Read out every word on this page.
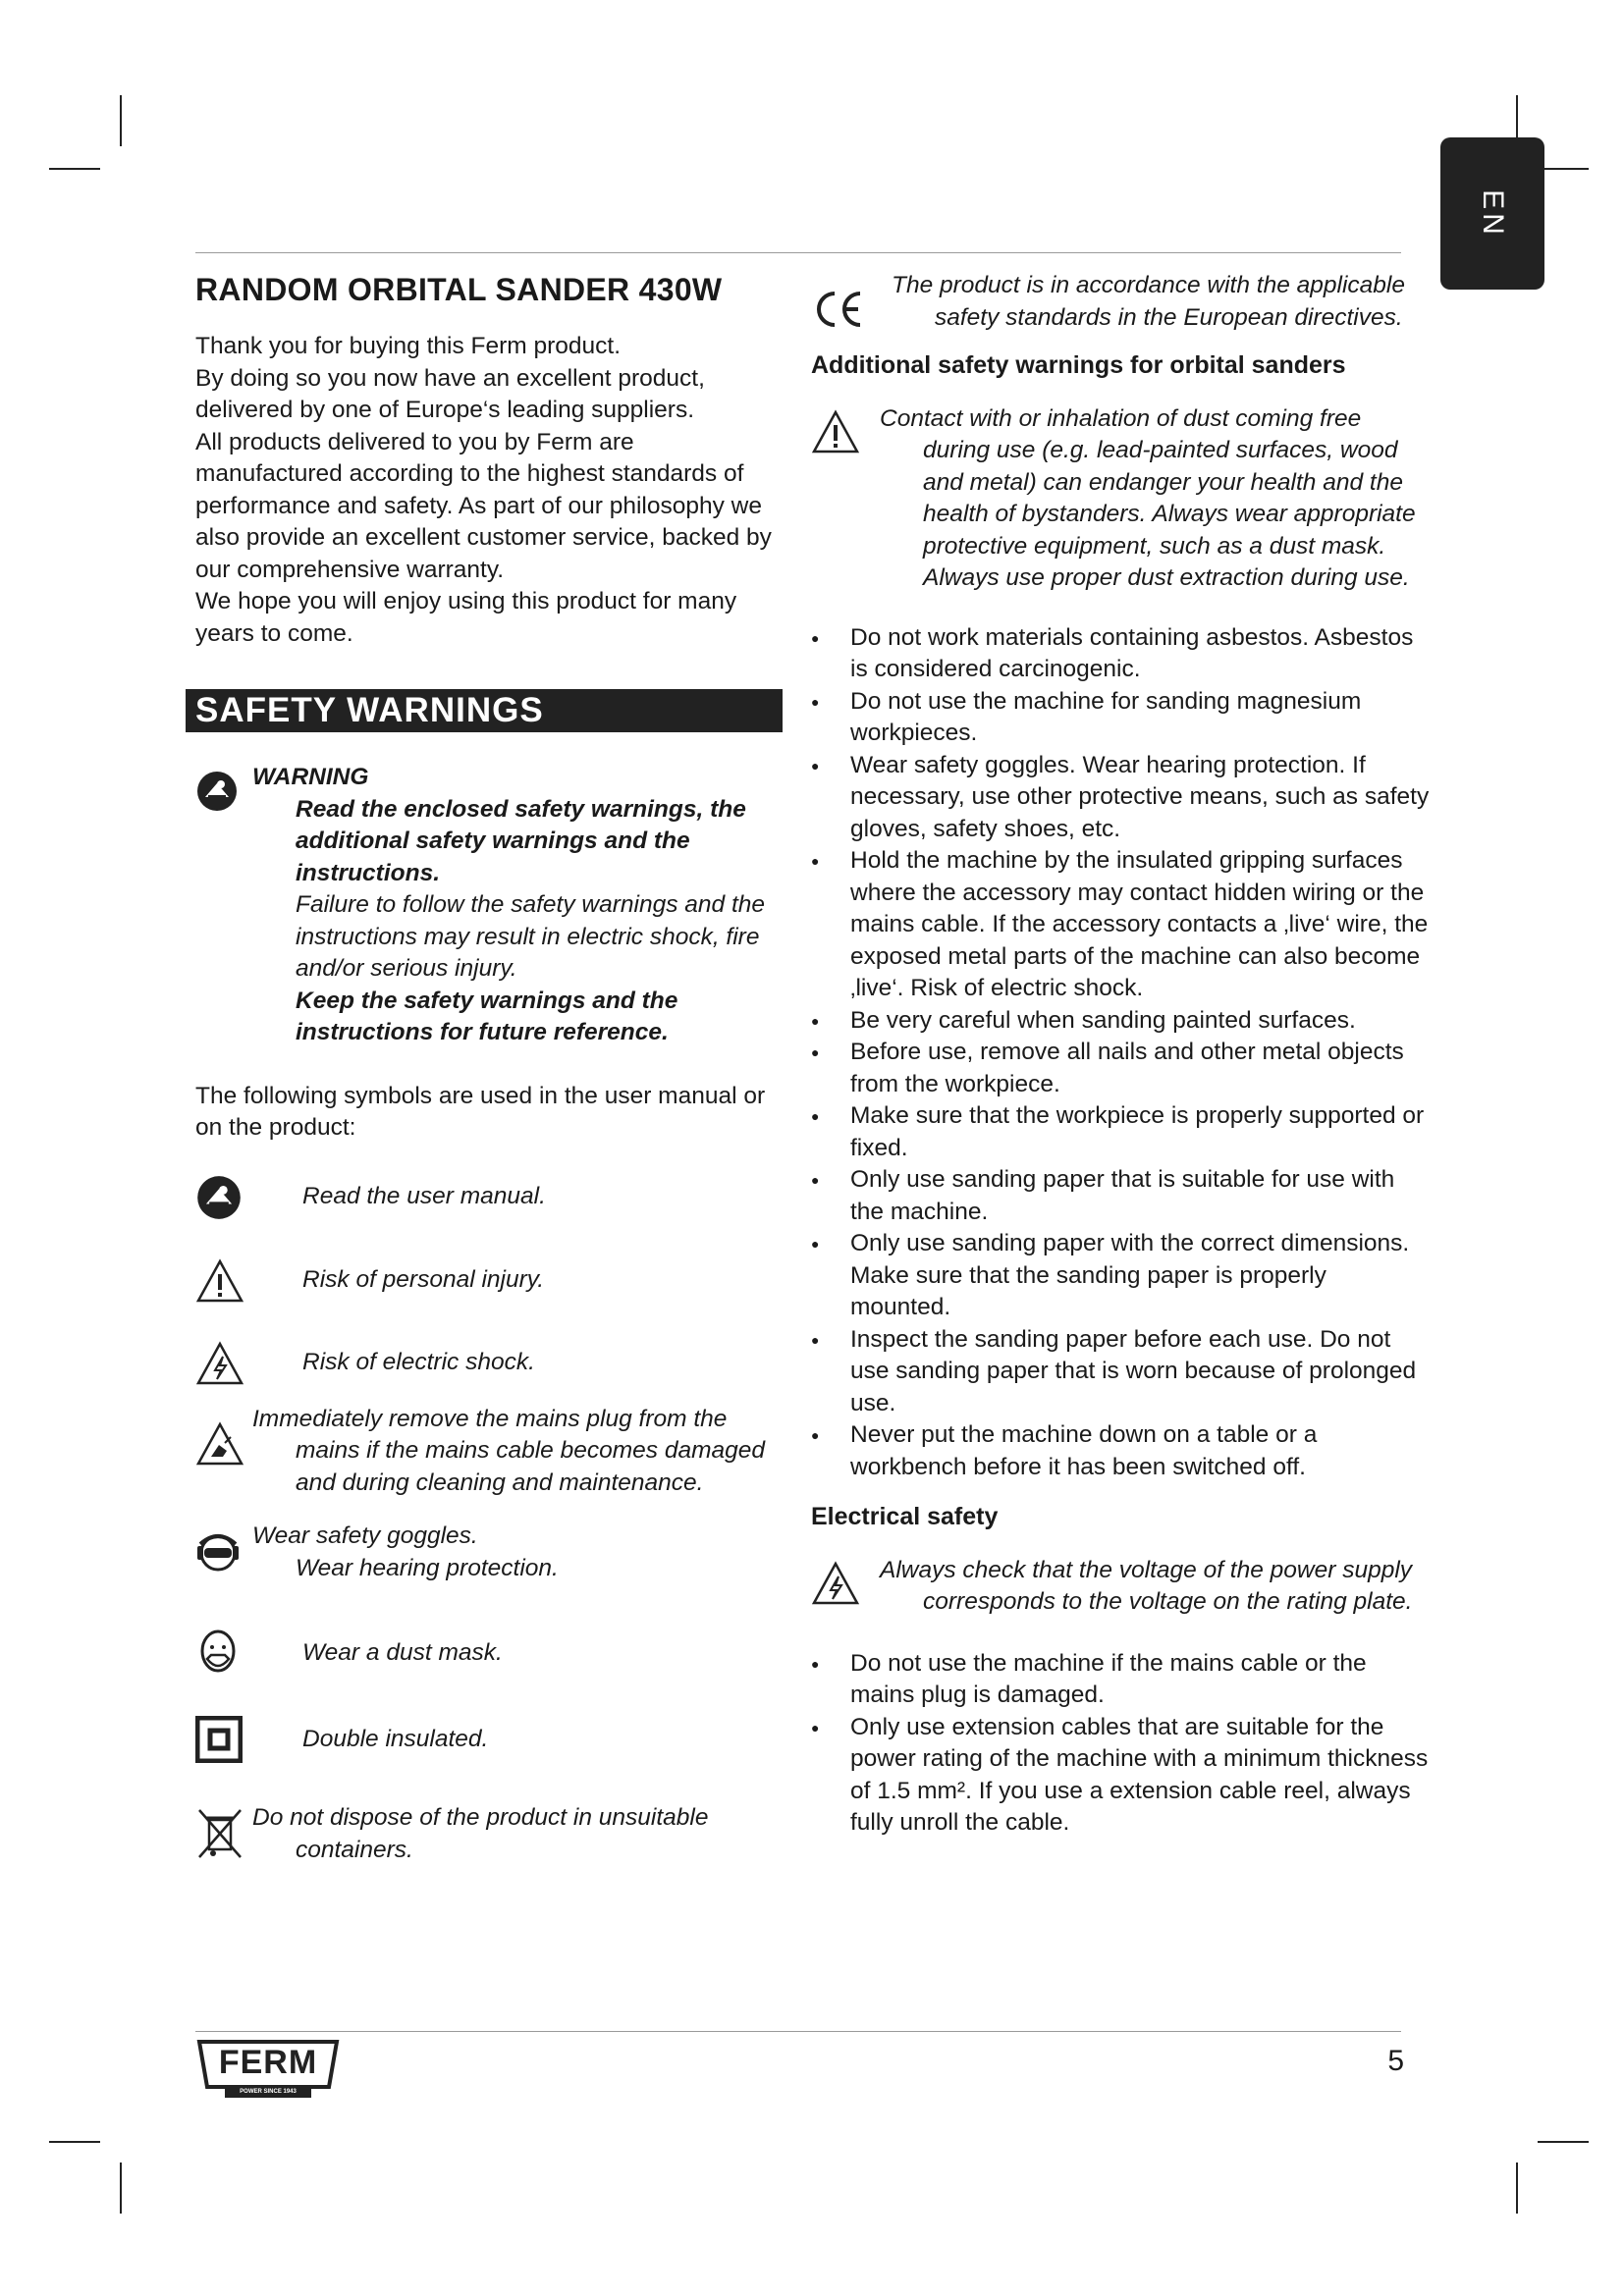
EN
RANDOM ORBITAL SANDER 430W

Thank you for buying this Ferm product.

By doing so you now have an excellent product, delivered by one of Europe‘s leading suppliers.

All products delivered to you by Ferm are manufactured according to the highest standards of performance and safety. As part of our philosophy we also provide an excellent customer service, backed by our comprehensive warranty.

We hope you will enjoy using this product for many years to come.

SAFETY WARNINGS

WARNING

Read the enclosed safety warnings, the additional safety warnings and the instructions.

Failure to follow the safety warnings and the instructions may result in electric shock, fire and/or serious injury.

Keep the safety warnings and the instructions for future reference.

The following symbols are used in the user manual or on the product:

Read the user manual.
Risk of personal injury.
Risk of electric shock.

Immediately remove the mains plug from the mains if the mains cable becomes damaged and during cleaning and maintenance.

Wear safety goggles.

Wear hearing protection.

Wear a dust mask.
Double insulated.

Do not dispose of the product in unsuitable containers.

The product is in accordance with the applicable safety standards in the European directives.

Additional safety warnings for orbital sanders

Contact with or inhalation of dust coming free during use (e.g. lead-painted surfaces, wood and metal) can endanger your health and the health of bystanders. Always wear appropriate protective equipment, such as a dust mask. Always use proper dust extraction during use.

● Do not work materials containing asbestos. Asbestos is considered carcinogenic.
● Do not use the machine for sanding magnesium workpieces.
● Wear safety goggles. Wear hearing protection. If necessary, use other protective means, such as safety gloves, safety shoes, etc.
● Hold the machine by the insulated gripping surfaces where the accessory may contact hidden wiring or the mains cable. If the accessory contacts a ‚live‘ wire, the exposed metal parts of the machine can also become ‚live‘. Risk of electric shock.
● Be very careful when sanding painted surfaces.
● Before use, remove all nails and other metal objects from the workpiece.
● Make sure that the workpiece is properly supported or fixed.
● Only use sanding paper that is suitable for use with the machine.
● Only use sanding paper with the correct dimensions. Make sure that the sanding paper is properly mounted.
● Inspect the sanding paper before each use. Do not use sanding paper that is worn because of prolonged use.
● Never put the machine down on a table or a workbench before it has been switched off.
Electrical safety

Always check that the voltage of the power supply corresponds to the voltage on the rating plate.

● Do not use the machine if the mains cable or the mains plug is damaged.
● Only use extension cables that are suitable for the power rating of the machine with a minimum thickness of 1.5 mm². If you use a extension cable reel, always fully unroll the cable.
FERM
POWER SINCE 1943
5
